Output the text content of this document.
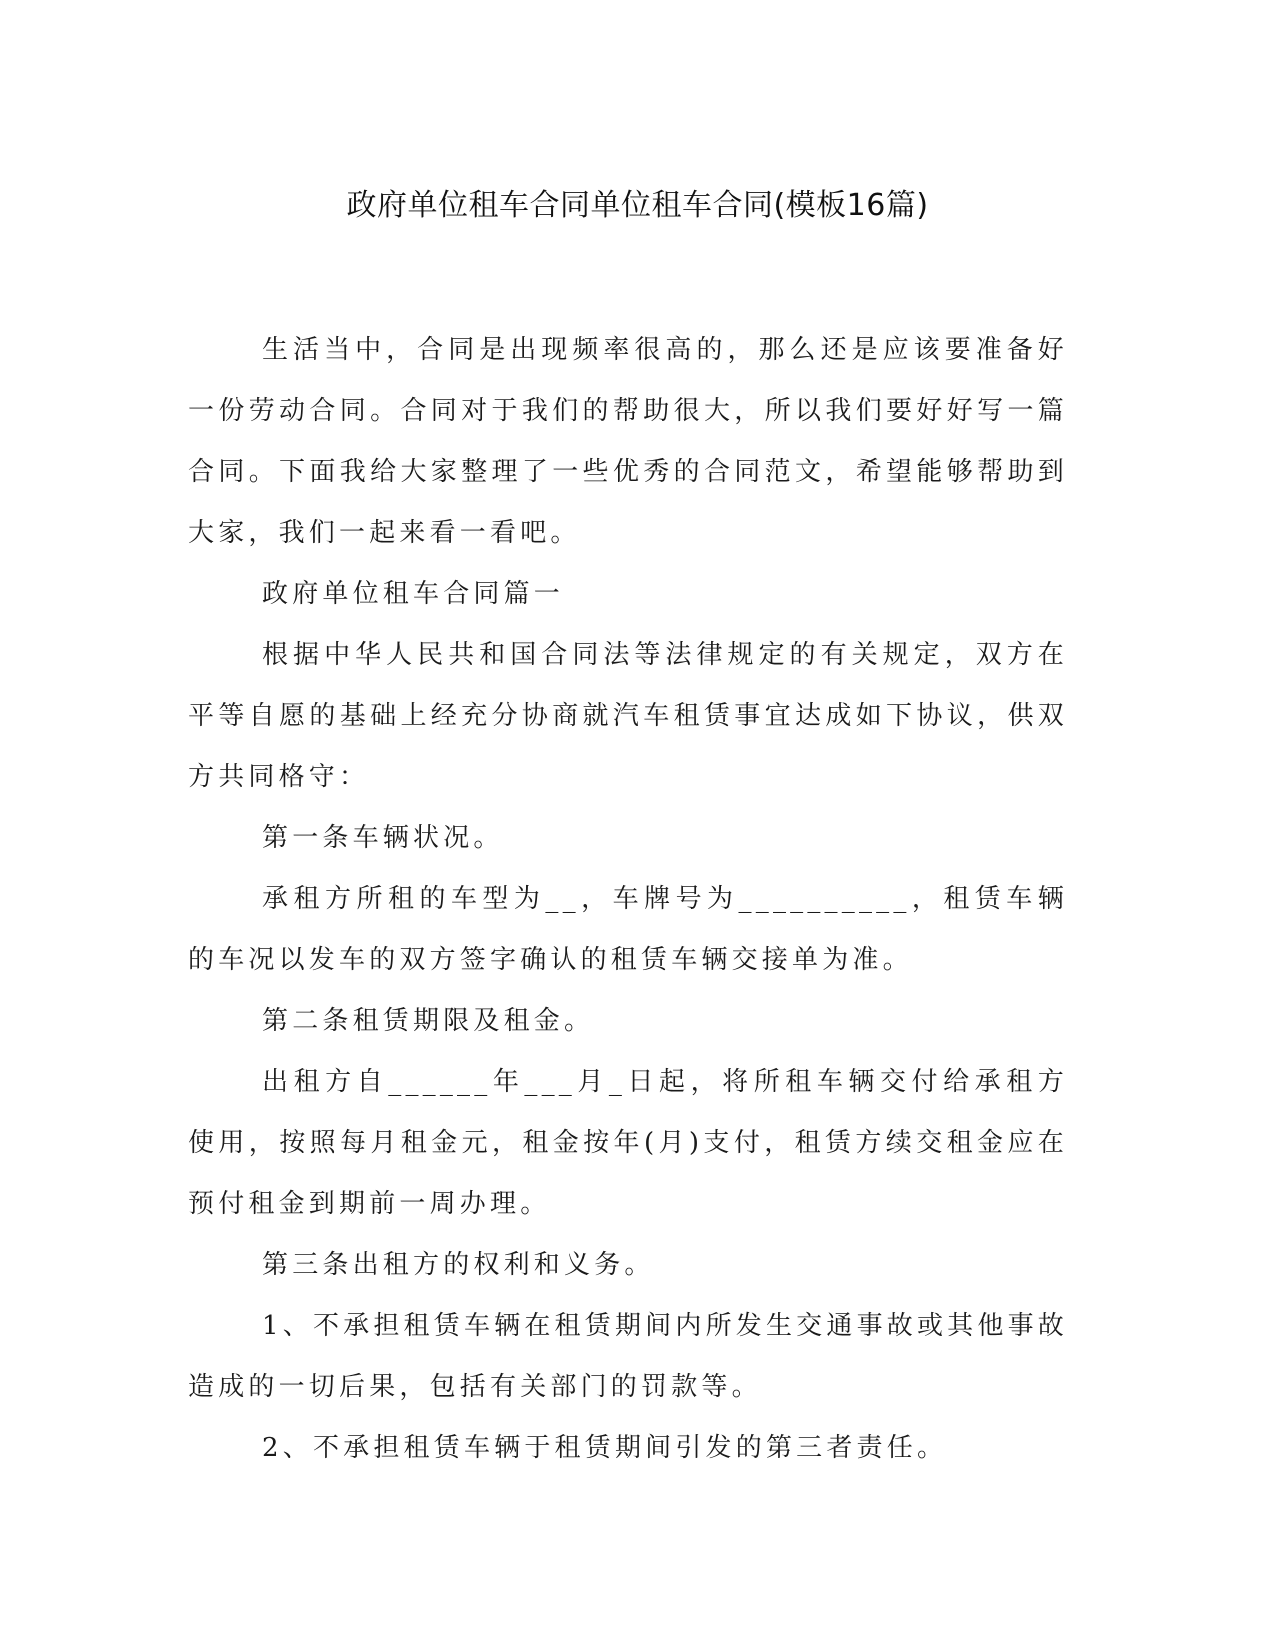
政府单位租车合同单位租车合同(模板16篇)

生活当中，合同是出现频率很高的，那么还是应该要准备好一份劳动合同。合同对于我们的帮助很大，所以我们要好好写一篇合同。下面我给大家整理了一些优秀的合同范文，希望能够帮助到大家，我们一起来看一看吧。

政府单位租车合同篇一

根据中华人民共和国合同法等法律规定的有关规定，双方在平等自愿的基础上经充分协商就汽车租赁事宜达成如下协议，供双方共同格守：

第一条车辆状况。

承租方所租的车型为__，车牌号为__________，租赁车辆的车况以发车的双方签字确认的租赁车辆交接单为准。

第二条租赁期限及租金。

出租方自______年___月_日起，将所租车辆交付给承租方使用，按照每月租金元，租金按年(月)支付，租赁方续交租金应在预付租金到期前一周办理。

第三条出租方的权利和义务。

1、不承担租赁车辆在租赁期间内所发生交通事故或其他事故造成的一切后果，包括有关部门的罚款等。

2、不承担租赁车辆于租赁期间引发的第三者责任。
